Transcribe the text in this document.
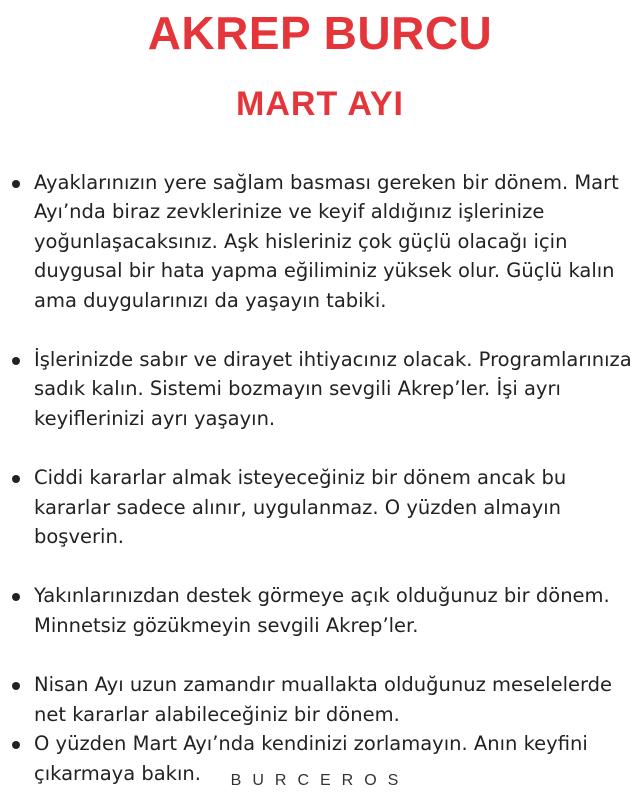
AKREP BURCU
MART AYI
Ayaklarınızın yere sağlam basması gereken bir dönem. Mart Ayı’nda biraz zevklerinize ve keyif aldığınız işlerinize yoğunlaşacaksınız. Aşk hisleriniz çok güçlü olacağı için duygusal bir hata yapma eğiliminiz yüksek olur. Güçlü kalın ama duygularınızı da yaşayın tabiki.
İşlerinizde sabır ve dirayet ihtiyacınız olacak. Programlarınıza sadık kalın. Sistemi bozmayın sevgili Akrep’ler. İşi ayrı keyiflerinizi ayrı yaşayın.
Ciddi kararlar almak isteyeceğiniz bir dönem ancak bu kararlar sadece alınır, uygulanmaz. O yüzden almayın boşverin.
Yakınlarınızdan destek görmeye açık olduğunuz bir dönem. Minnetsiz gözükmeyin sevgili Akrep’ler.
Nisan Ayı uzun zamandır muallakta olduğunuz meselelerde net kararlar alabileceğiniz bir dönem.
O yüzden Mart Ayı’nda kendinizi zorlamayın. Anın keyfini çıkarmaya bakın.	BURCEROS
